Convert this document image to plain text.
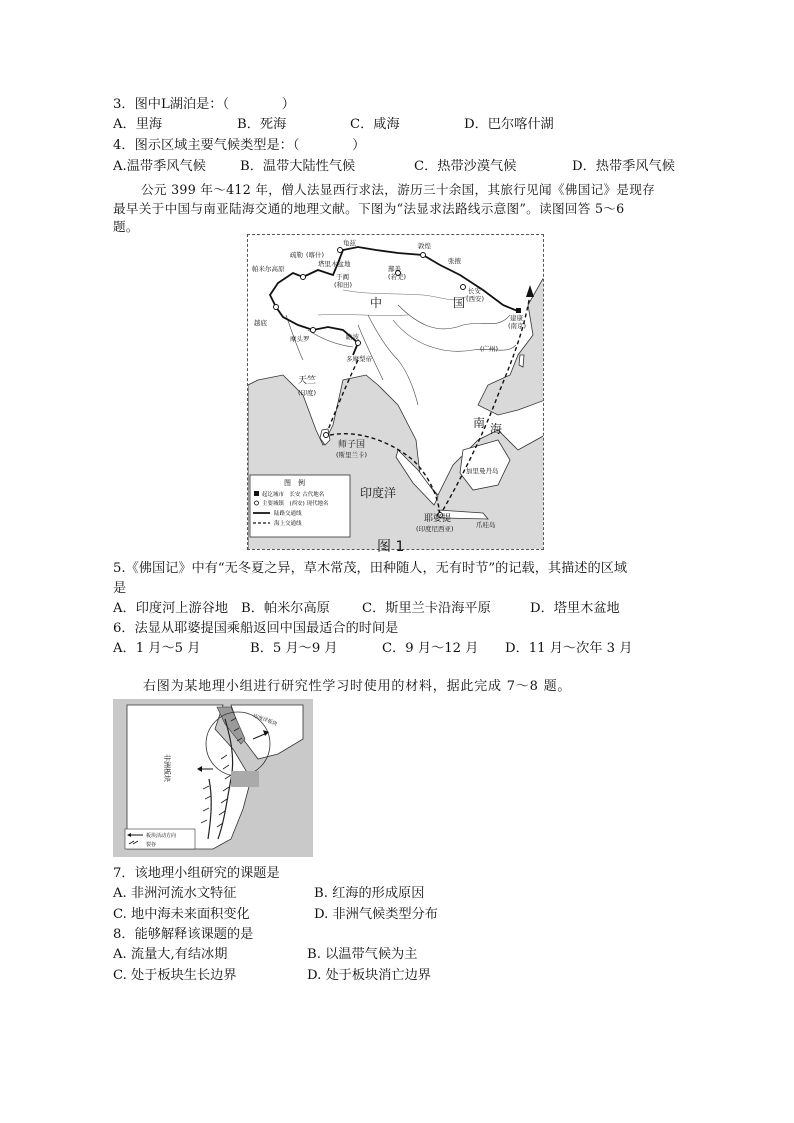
3．图中L湖泊是：（　　　　）
A．里海	B．死海	C．咸海	D．巴尔喀什湖
4．图示区域主要气候类型是：（　　　　）
A.温带季风气候	B．温带大陆性气候	C．热带沙漠气候	D．热带季风气候
公元 399 年～412 年，僧人法显西行求法，游历三十余国，其旅行见闻《佛国记》是现存
最早关于中国与南亚陆海交通的地理文献。下图为“法显求法路线示意图”。读图回答 5～6
题。
龟兹
疏勒 (喀什)
塔里木盆地
于阗
(和田)
敦煌
鄯善
(若羌)
张掖
长安
(西安)
建康
(南京)
(广州)
帕米尔高原
越底
摩头罗	瞻波
多摩梨帝
(印度)
(斯里兰卡)
加里曼丹岛
(印度尼西亚)	爪哇岛
中	国
南 海
印度洋
天竺
师子国
耶婆提
图　例
起讫城市　长安 古代地名
主要城镇　(西安) 现代地名
陆路交通线
海上交通线
图 1
5.《佛国记》中有“无冬夏之异，草木常茂，田种随人，无有时节”的记载，其描述的区域
是
A．印度河上游谷地 B．帕米尔高原 C．斯里兰卡沿海平原	D．塔里木盆地
6．法显从耶婆提国乘船返回中国最适合的时间是
A．1 月～5 月	B．5 月～9 月	C．9 月～12 月 D．11 月～次年 3 月
右图为某地理小组进行研究性学习时使用的材料，据此完成 7～8 题。
板块活动方向
裂谷
非洲板块
印度洋板块
7．该地理小组研究的课题是
A. 非洲河流水文特征	B. 红海的形成原因
C. 地中海未来面积变化	D. 非洲气候类型分布
8．能够解释该课题的是
A. 流量大,有结冰期	B. 以温带气候为主
C. 处于板块生长边界	D. 处于板块消亡边界
